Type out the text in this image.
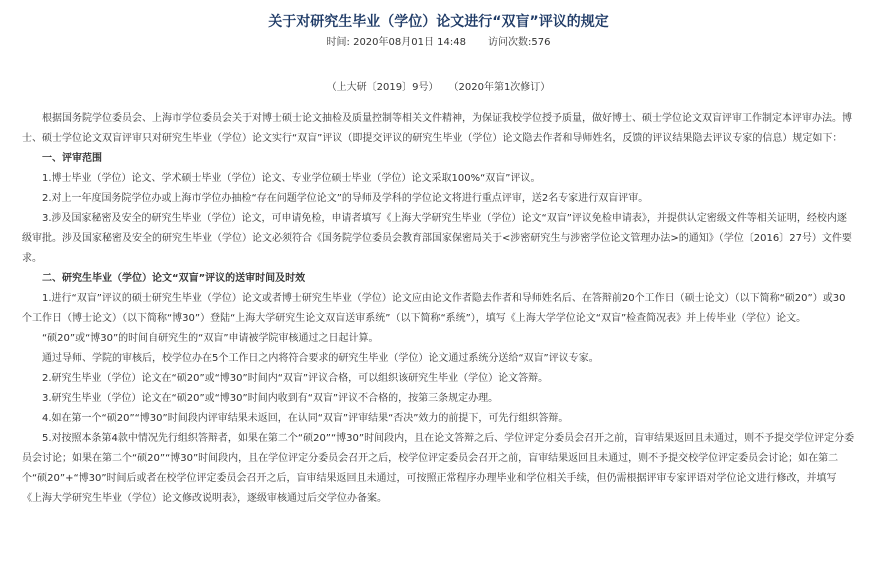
关于对研究生毕业（学位）论文进行“双盲”评议的规定
时间: 2020年08月01日 14:48 访问次数:576
（上大研〔2019〕9号） （2020年第1次修订）

根据国务院学位委员会、上海市学位委员会关于对博士硕士论文抽检及质量控制等相关文件精神，为保证我校学位授予质量，做好博士、硕士学位论文双盲评审工作制定本评审办法。博士、硕士学位论文双盲评审只对研究生毕业（学位）论文实行“双盲”评议（即提交评议的研究生毕业（学位）论文隐去作者和导师姓名，反馈的评议结果隐去评议专家的信息）规定如下：

一、评审范围

1.博士毕业（学位）论文、学术硕士毕业（学位）论文、专业学位硕士毕业（学位）论文采取100%“双盲”评议。

2.对上一年度国务院学位办或上海市学位办抽检“存在问题学位论文”的导师及学科的学位论文将进行重点评审，送2名专家进行双盲评审。

3.涉及国家秘密及安全的研究生毕业（学位）论文，可申请免检，申请者填写《上海大学研究生毕业（学位）论文“双盲”评议免检申请表》，并提供认定密级文件等相关证明，经校内逐级审批。涉及国家秘密及安全的研究生毕业（学位）论文必须符合《国务院学位委员会教育部国家保密局关于<涉密研究生与涉密学位论文管理办法>的通知》（学位〔2016〕27号）文件要求。

二、研究生毕业（学位）论文“双盲”评议的送审时间及时效

1.进行“双盲”评议的硕士研究生毕业（学位）论文或者博士研究生毕业（学位）论文应由论文作者隐去作者和导师姓名后、在答辩前20个工作日（硕士论文）（以下简称“硕20”）或30个工作日（博士论文）（以下简称“博30”）登陆“上海大学研究生论文双盲送审系统”（以下简称“系统”），填写《上海大学学位论文“双盲”检查简况表》并上传毕业（学位）论文。

“硕20”或“博30”的时间自研究生的“双盲”申请被学院审核通过之日起计算。

通过导师、学院的审核后，校学位办在5个工作日之内将符合要求的研究生毕业（学位）论文通过系统分送给“双盲”评议专家。

2.研究生毕业（学位）论文在“硕20”或“博30”时间内“双盲”评议合格，可以组织该研究生毕业（学位）论文答辩。

3.研究生毕业（学位）论文在“硕20”或“博30”时间内收到有“双盲”评议不合格的，按第三条规定办理。

4.如在第一个“硕20”“博30”时间段内评审结果未返回，在认同“双盲”评审结果“否决”效力的前提下，可先行组织答辩。

5.对按照本条第4款中情况先行组织答辩者，如果在第二个“硕20”“博30”时间段内，且在论文答辩之后、学位评定分委员会召开之前，盲审结果返回且未通过，则不予提交学位评定分委员会讨论；如果在第二个“硕20”“博30”时间段内，且在学位评定分委员会召开之后，校学位评定委员会召开之前，盲审结果返回且未通过，则不予提交校学位评定委员会讨论；如在第二个“硕20”+“博30”时间后或者在校学位评定委员会召开之后，盲审结果返回且未通过，可按照正常程序办理毕业和学位相关手续，但仍需根据评审专家评语对学位论文进行修改，并填写《上海大学研究生毕业（学位）论文修改说明表》，逐级审核通过后交学位办备案。
